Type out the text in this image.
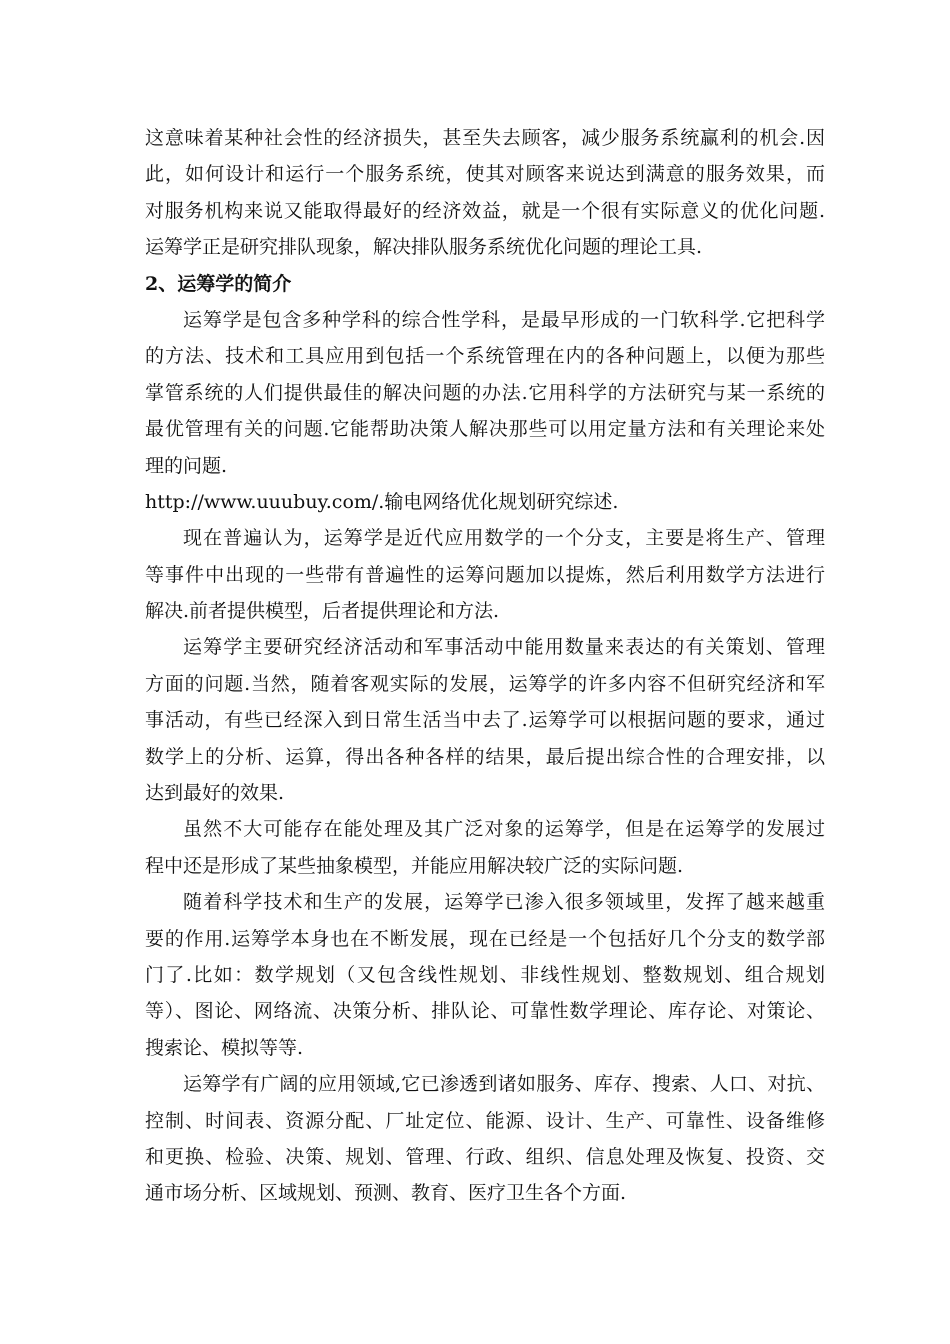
这意味着某种社会性的经济损失，甚至失去顾客，减少服务系统赢利的机会.因
此，如何设计和运行一个服务系统，使其对顾客来说达到满意的服务效果，而
对服务机构来说又能取得最好的经济效益，就是一个很有实际意义的优化问题.
运筹学正是研究排队现象，解决排队服务系统优化问题的理论工具.
2、运筹学的简介
运筹学是包含多种学科的综合性学科，是最早形成的一门软科学.它把科学
的方法、技术和工具应用到包括一个系统管理在内的各种问题上，以便为那些
掌管系统的人们提供最佳的解决问题的办法.它用科学的方法研究与某一系统的
最优管理有关的问题.它能帮助决策人解决那些可以用定量方法和有关理论来处
理的问题.
http://www.uuubuy.com/.输电网络优化规划研究综述.
现在普遍认为，运筹学是近代应用数学的一个分支，主要是将生产、管理
等事件中出现的一些带有普遍性的运筹问题加以提炼，然后利用数学方法进行
解决.前者提供模型，后者提供理论和方法.
运筹学主要研究经济活动和军事活动中能用数量来表达的有关策划、管理
方面的问题.当然，随着客观实际的发展，运筹学的许多内容不但研究经济和军
事活动，有些已经深入到日常生活当中去了.运筹学可以根据问题的要求，通过
数学上的分析、运算，得出各种各样的结果，最后提出综合性的合理安排，以
达到最好的效果.
虽然不大可能存在能处理及其广泛对象的运筹学，但是在运筹学的发展过
程中还是形成了某些抽象模型，并能应用解决较广泛的实际问题.
随着科学技术和生产的发展，运筹学已渗入很多领域里，发挥了越来越重
要的作用.运筹学本身也在不断发展，现在已经是一个包括好几个分支的数学部
门了.比如：数学规划（又包含线性规划、非线性规划、整数规划、组合规划
等）、图论、网络流、决策分析、排队论、可靠性数学理论、库存论、对策论、
搜索论、模拟等等.
运筹学有广阔的应用领域,它已渗透到诸如服务、库存、搜索、人口、对抗、
控制、时间表、资源分配、厂址定位、能源、设计、生产、可靠性、设备维修
和更换、检验、决策、规划、管理、行政、组织、信息处理及恢复、投资、交
通市场分析、区域规划、预测、教育、医疗卫生各个方面.
